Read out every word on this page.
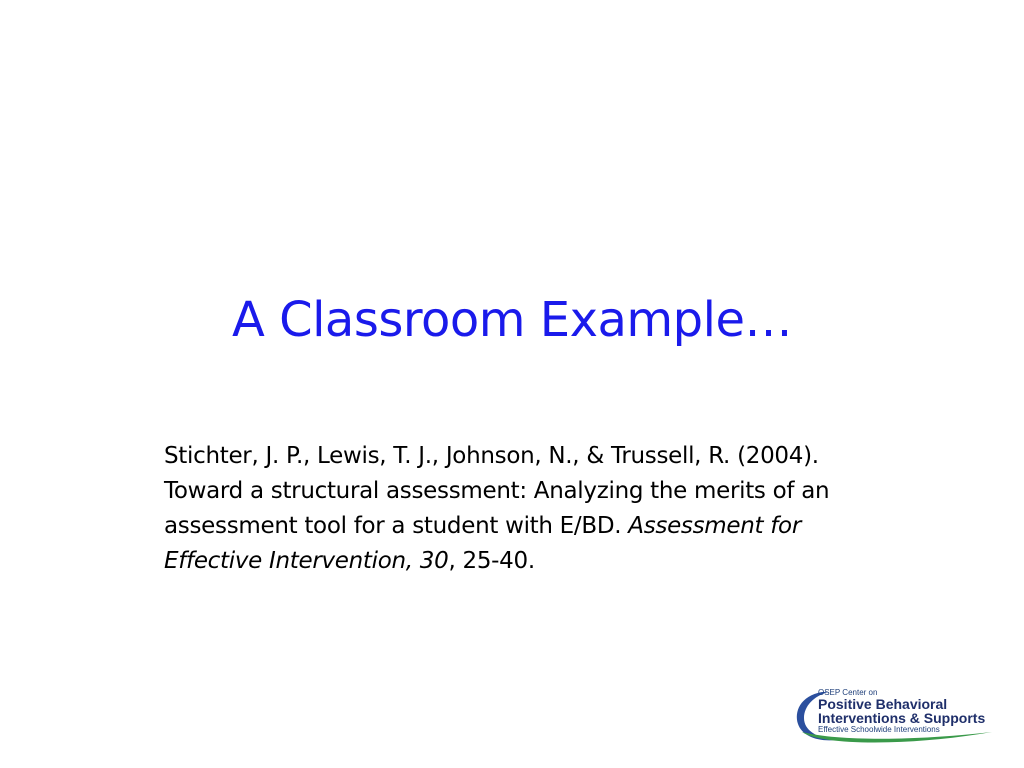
A Classroom Example…
Stichter, J. P., Lewis, T. J., Johnson, N., & Trussell, R. (2004). Toward a structural assessment: Analyzing the merits of an assessment tool for a student with E/BD. Assessment for Effective Intervention, 30, 25-40.
OSEP Center on
Positive Behavioral
Interventions & Supports
Effective Schoolwide Interventions
